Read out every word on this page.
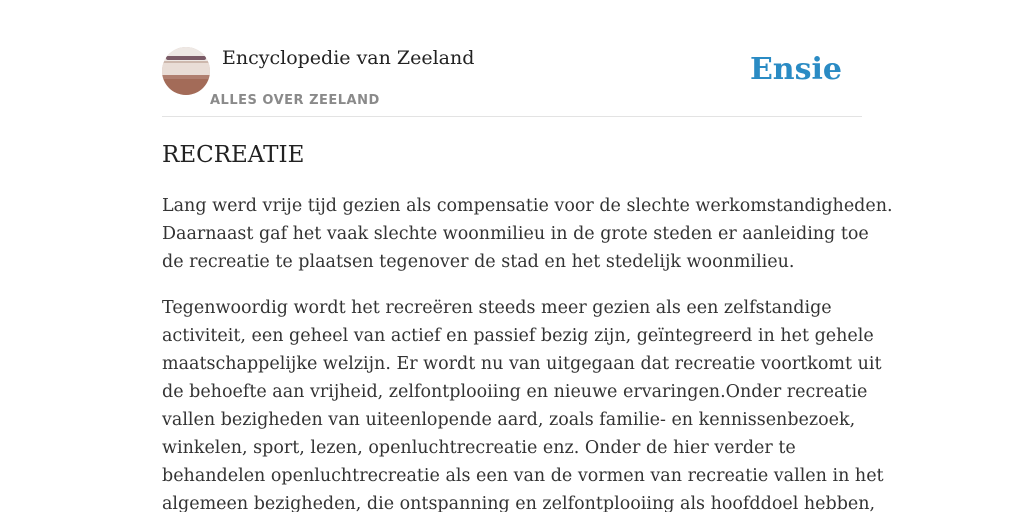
Encyclopedie van Zeeland
ALLES OVER ZEELAND
Ensie
RECREATIE

Lang werd vrije tijd gezien als compensatie voor de slechte werkomstandigheden.
Daarnaast gaf het vaak slechte woonmilieu in de grote steden er aanleiding toe
de recreatie te plaatsen tegenover de stad en het stedelijk woonmilieu.

Tegenwoordig wordt het recreëren steeds meer gezien als een zelfstandige
activiteit, een geheel van actief en passief bezig zijn, geïntegreerd in het gehele
maatschappelijke welzijn. Er wordt nu van uitgegaan dat recreatie voortkomt uit
de behoefte aan vrijheid, zelfontplooiing en nieuwe ervaringen.Onder recreatie
vallen bezigheden van uiteenlopende aard, zoals familie- en kennissenbezoek,
winkelen, sport, lezen, openluchtrecreatie enz. Onder de hier verder te
behandelen openluchtrecreatie als een van de vormen van recreatie vallen in het
algemeen bezigheden, die ontspanning en zelfontplooiing als hoofddoel hebben,
